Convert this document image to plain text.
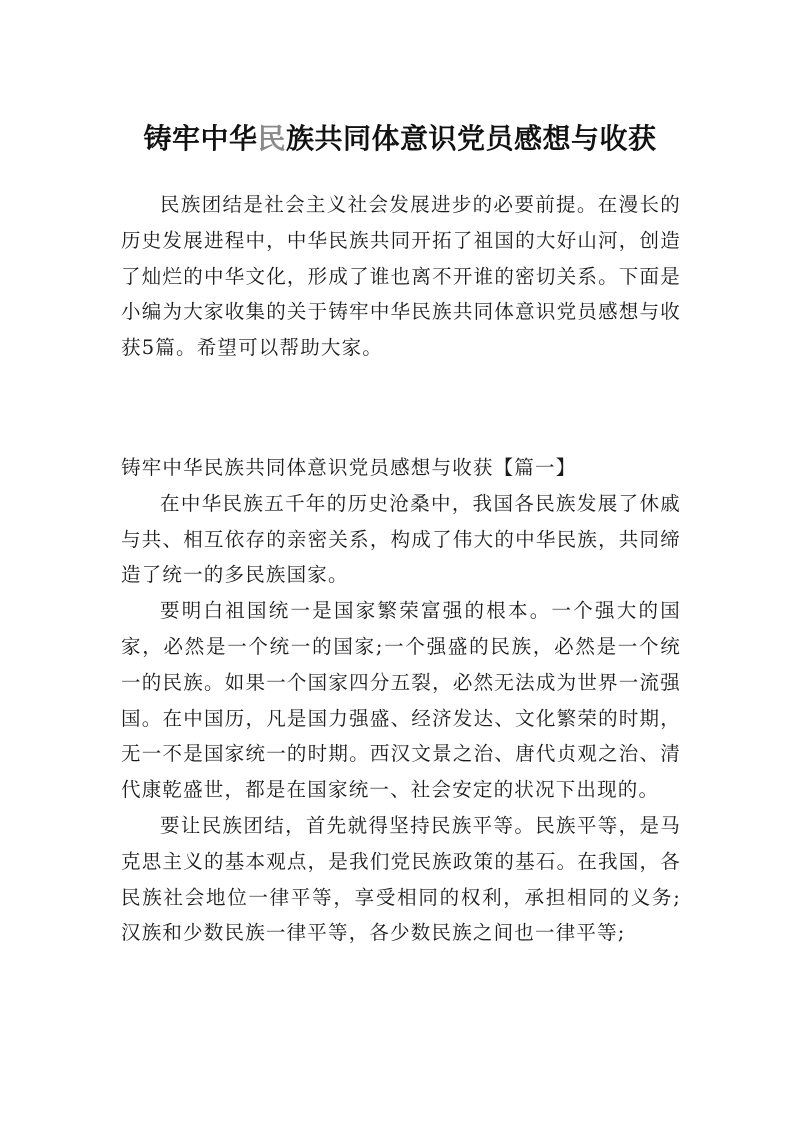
铸牢中华民族共同体意识党员感想与收获

民族团结是社会主义社会发展进步的必要前提。在漫长的历史发展进程中，中华民族共同开拓了祖国的大好山河，创造了灿烂的中华文化，形成了谁也离不开谁的密切关系。下面是小编为大家收集的关于铸牢中华民族共同体意识党员感想与收获5篇。希望可以帮助大家。

铸牢中华民族共同体意识党员感想与收获【篇一】

在中华民族五千年的历史沧桑中，我国各民族发展了休戚与共、相互依存的亲密关系，构成了伟大的中华民族，共同缔造了统一的多民族国家。

要明白祖国统一是国家繁荣富强的根本。一个强大的国家，必然是一个统一的国家;一个强盛的民族，必然是一个统一的民族。如果一个国家四分五裂，必然无法成为世界一流强国。在中国历，凡是国力强盛、经济发达、文化繁荣的时期，无一不是国家统一的时期。西汉文景之治、唐代贞观之治、清代康乾盛世，都是在国家统一、社会安定的状况下出现的。

要让民族团结，首先就得坚持民族平等。民族平等，是马克思主义的基本观点，是我们党民族政策的基石。在我国，各民族社会地位一律平等，享受相同的权利，承担相同的义务;汉族和少数民族一律平等，各少数民族之间也一律平等;
